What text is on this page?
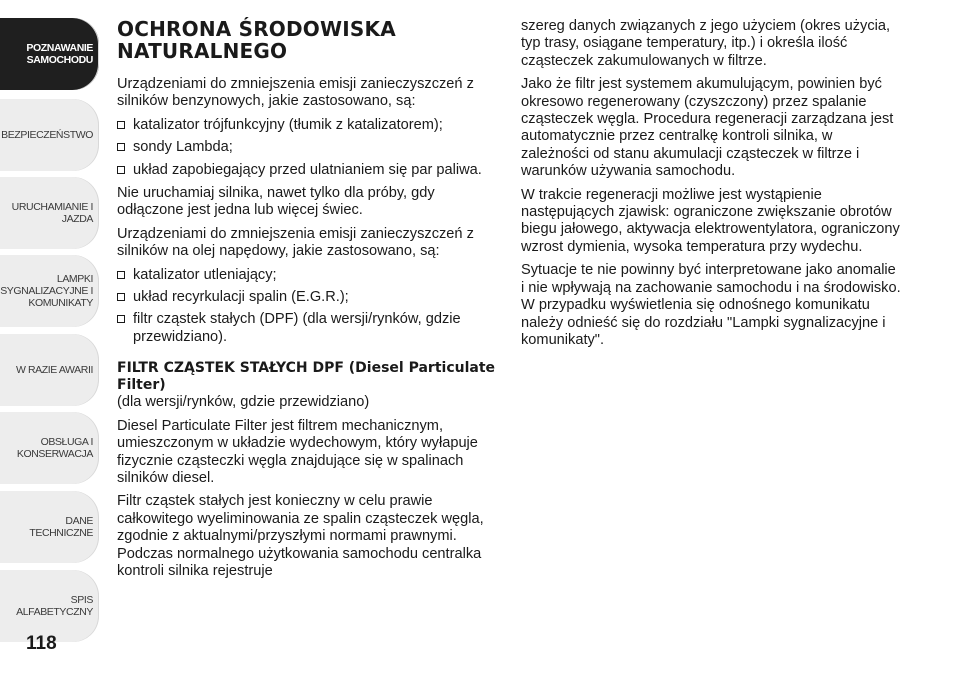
POZNAWANIE
SAMOCHODU
BEZPIECZEŃSTWO
URUCHAMIANIE I
JAZDA
LAMPKI
SYGNALIZACYJNE I
KOMUNIKATY
W RAZIE AWARII
OBSŁUGA I
KONSERWACJA
DANE TECHNICZNE
SPIS ALFABETYCZNY
118
OCHRONA ŚRODOWISKA NATURALNEGO

Urządzeniami do zmniejszenia emisji zanieczyszczeń z silników benzynowych, jakie zastosowano, są:

katalizator trójfunkcyjny (tłumik z katalizatorem);
sondy Lambda;
układ zapobiegający przed ulatnianiem się par paliwa.

Nie uruchamiaj silnika, nawet tylko dla próby, gdy odłączone jest jedna lub więcej świec.

Urządzeniami do zmniejszenia emisji zanieczyszczeń z silników na olej napędowy, jakie zastosowano, są:

katalizator utleniający;
układ recyrkulacji spalin (E.G.R.);
filtr cząstek stałych (DPF) (dla wersji/rynków, gdzie przewidziano).
FILTR CZĄSTEK STAŁYCH DPF (Diesel Particulate Filter)

(dla wersji/rynków, gdzie przewidziano)

Diesel Particulate Filter jest filtrem mechanicznym, umieszczonym w układzie wydechowym, który wyłapuje fizycznie cząsteczki węgla znajdujące się w spalinach silników diesel.

Filtr cząstek stałych jest konieczny w celu prawie całkowitego wyeliminowania ze spalin cząsteczek węgla, zgodnie z aktualnymi/przyszłymi normami prawnymi. Podczas normalnego użytkowania samochodu centralka kontroli silnika rejestruje

szereg danych związanych z jego użyciem (okres użycia, typ trasy, osiągane temperatury, itp.) i określa ilość cząsteczek zakumulowanych w filtrze.

Jako że filtr jest systemem akumulującym, powinien być okresowo regenerowany (czyszczony) przez spalanie cząsteczek węgla. Procedura regeneracji zarządzana jest automatycznie przez centralkę kontroli silnika, w zależności od stanu akumulacji cząsteczek w filtrze i warunków używania samochodu.

W trakcie regeneracji możliwe jest wystąpienie następujących zjawisk: ograniczone zwiększanie obrotów biegu jałowego, aktywacja elektrowentylatora, ograniczony wzrost dymienia, wysoka temperatura przy wydechu.

Sytuacje te nie powinny być interpretowane jako anomalie i nie wpływają na zachowanie samochodu i na środowisko. W przypadku wyświetlenia się odnośnego komunikatu należy odnieść się do rozdziału "Lampki sygnalizacyjne i komunikaty".
